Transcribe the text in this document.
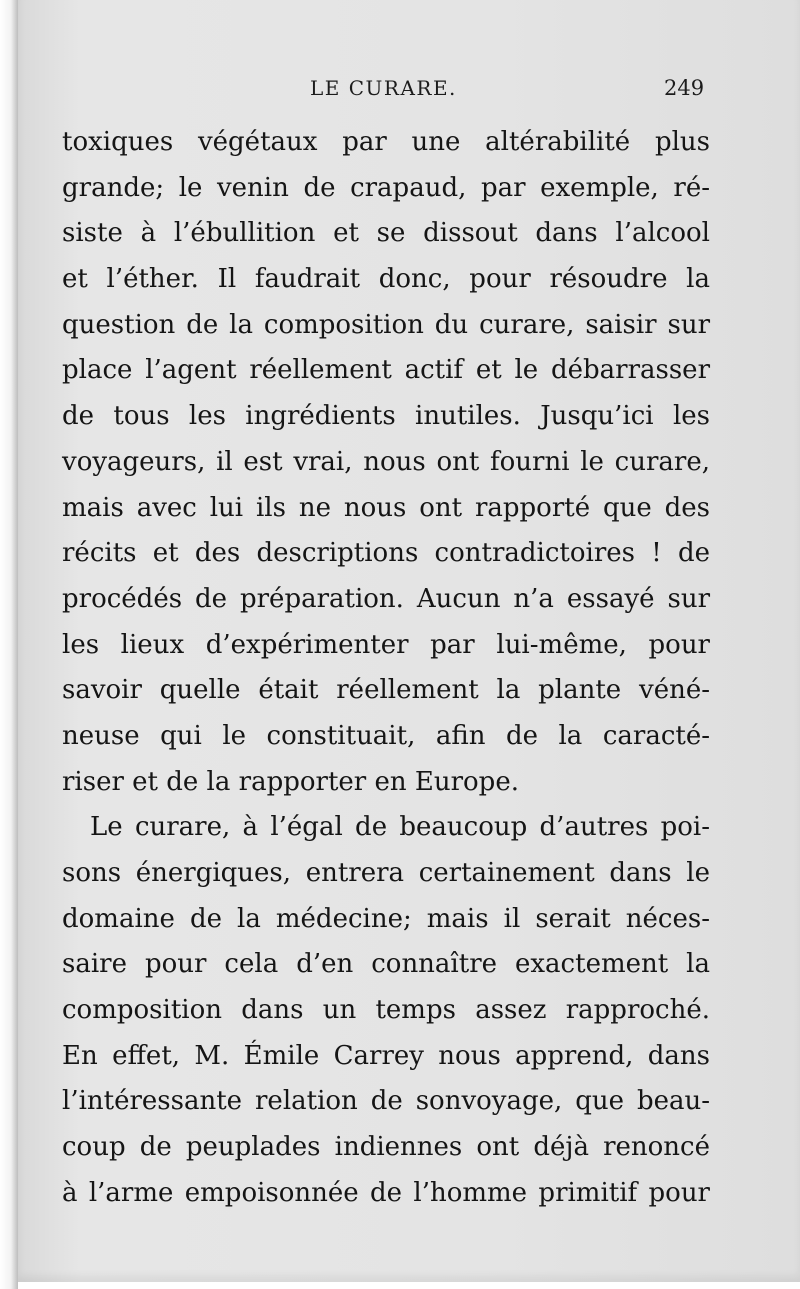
LE CURARE.	249
toxiques végétaux par une altérabilité plus
grande; le venin de crapaud, par exemple, ré-
siste à l’ébullition et se dissout dans l’alcool
et l’éther. Il faudrait donc, pour résoudre la
question de la composition du curare, saisir sur
place l’agent réellement actif et le débarrasser
de tous les ingrédients inutiles. Jusqu’ici les
voyageurs, il est vrai, nous ont fourni le curare,
mais avec lui ils ne nous ont rapporté que des
récits et des descriptions contradictoires ! de
procédés de préparation. Aucun n’a essayé sur
les lieux d’expérimenter par lui-même, pour
savoir quelle était réellement la plante véné-
neuse qui le constituait, afin de la caracté-
riser et de la rapporter en Europe.
Le curare, à l’égal de beaucoup d’autres poi-
sons énergiques, entrera certainement dans le
domaine de la médecine; mais il serait néces-
saire pour cela d’en connaître exactement la
composition dans un temps assez rapproché.
En effet, M. Émile Carrey nous apprend, dans
l’intéressante relation de sonvoyage, que beau-
coup de peuplades indiennes ont déjà renoncé
à l’arme empoisonnée de l’homme primitif pour
